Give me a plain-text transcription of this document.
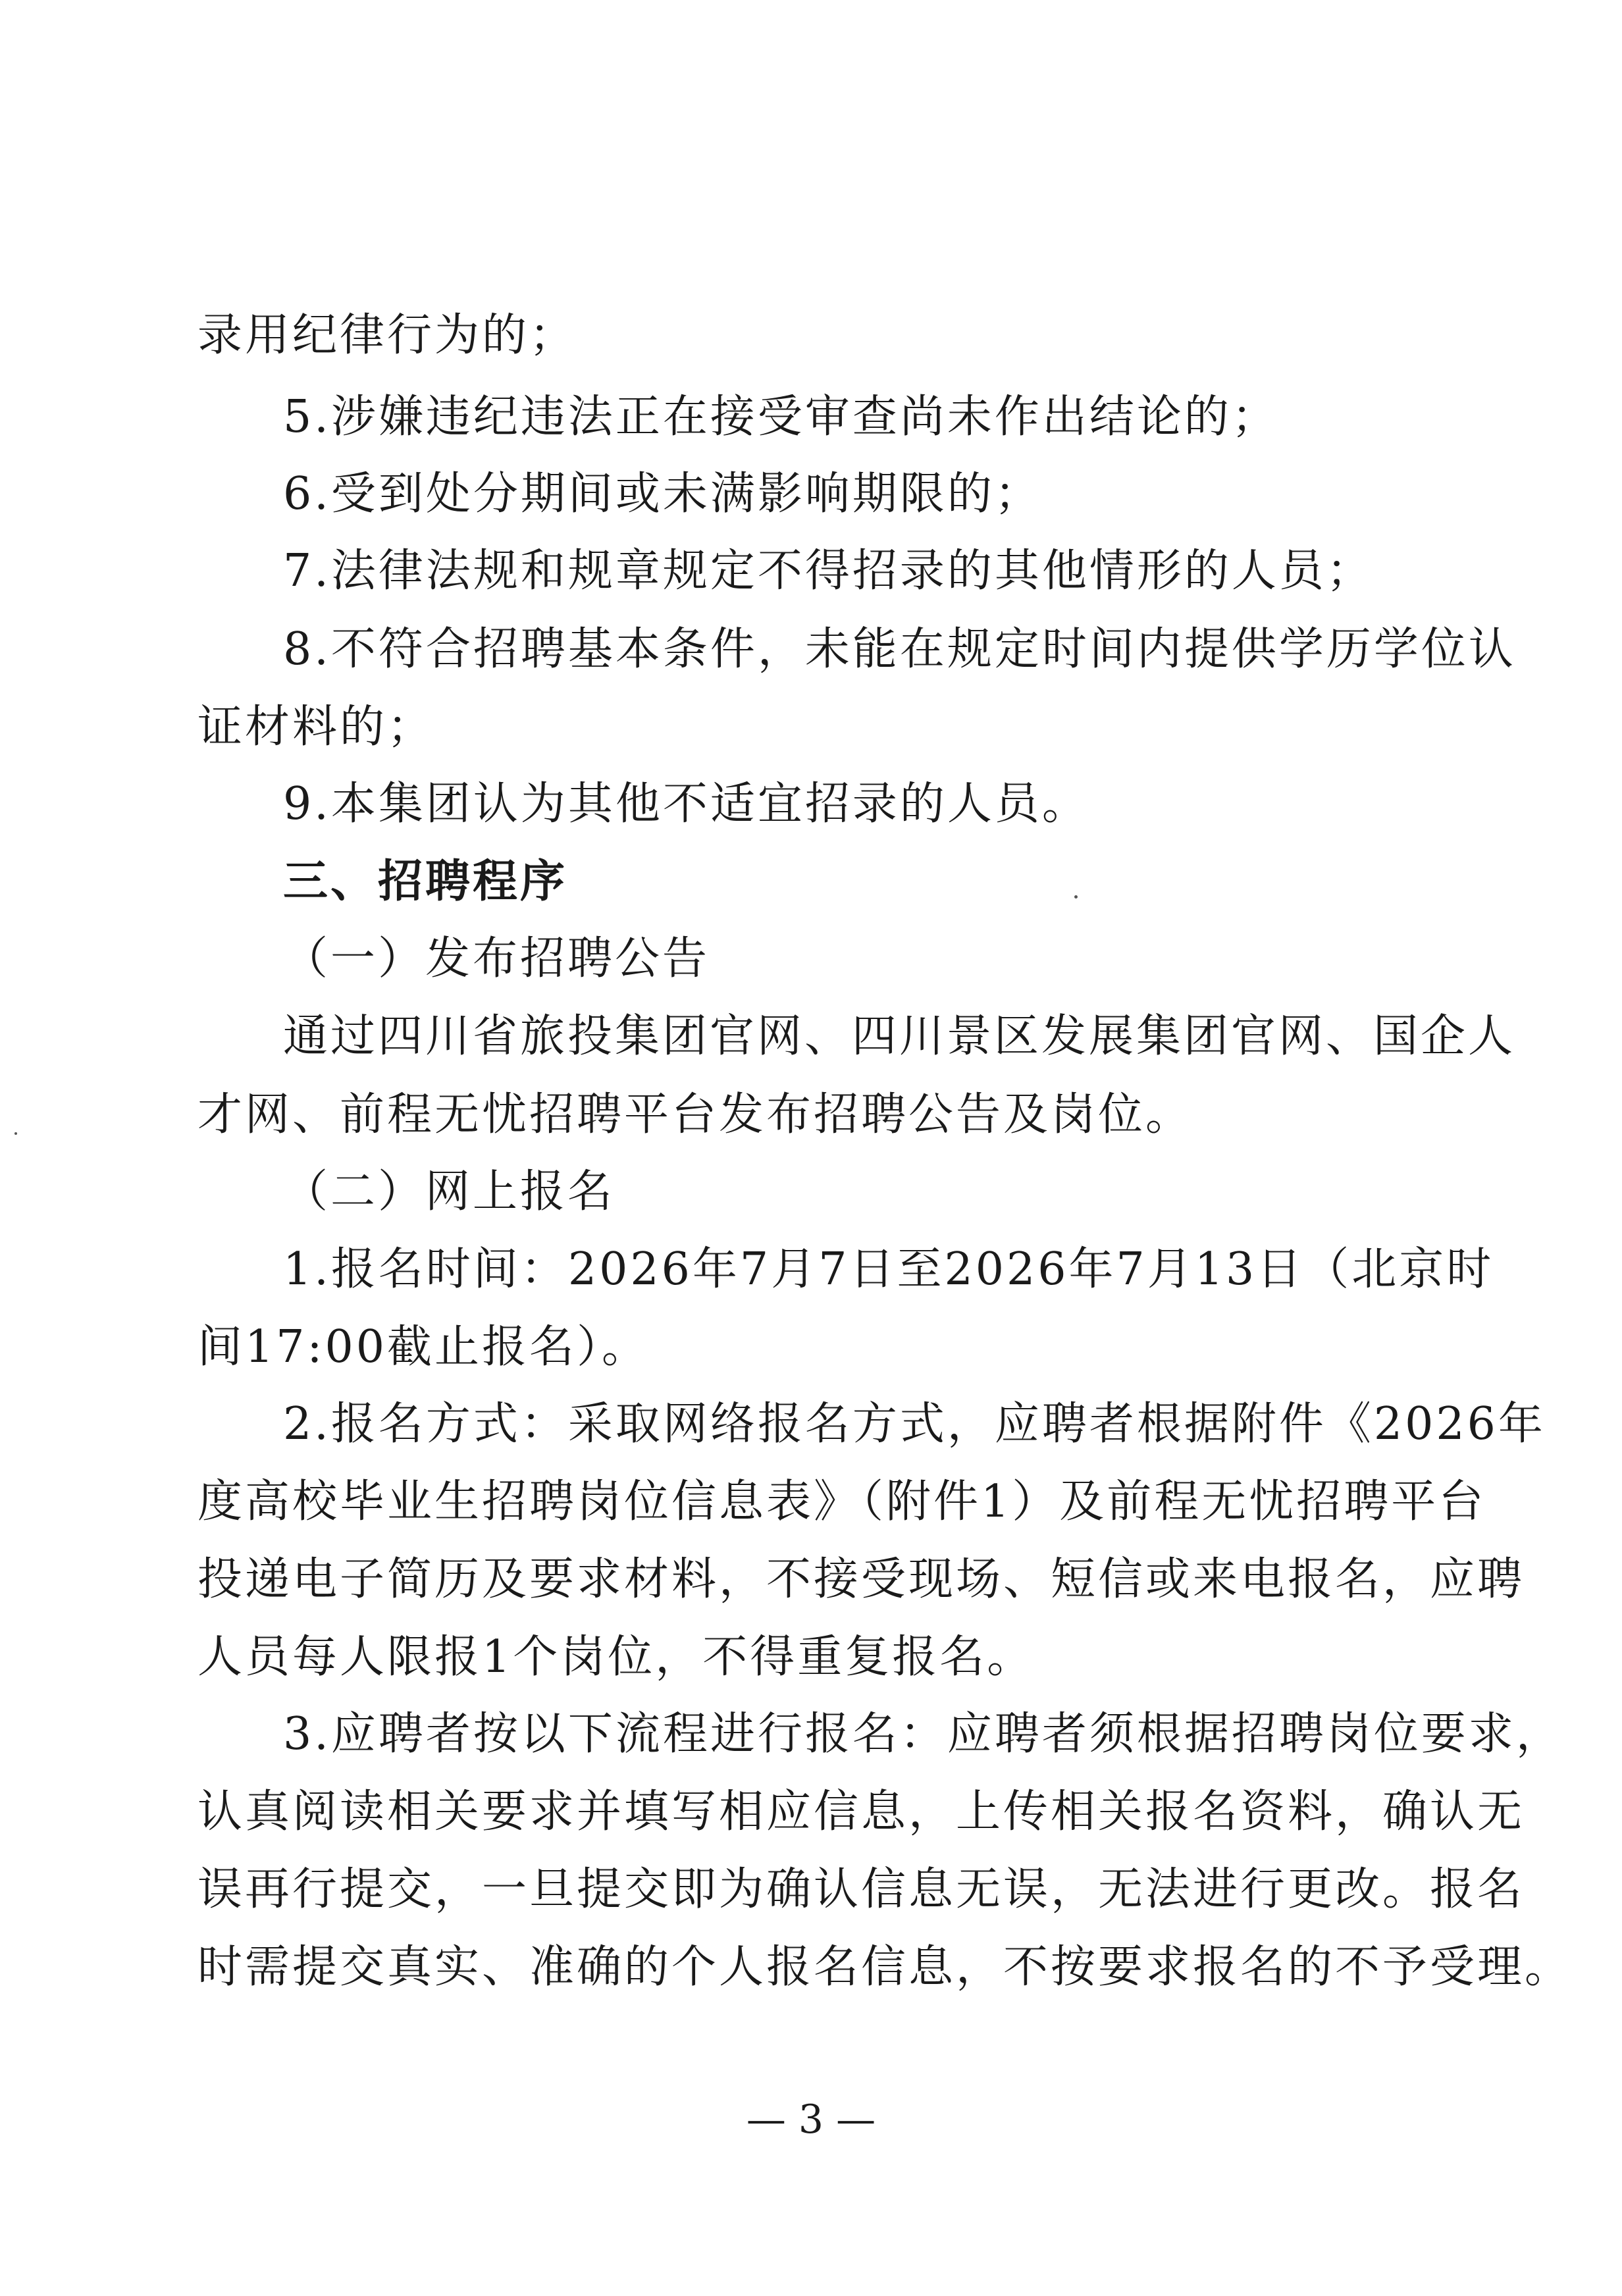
录用纪律行为的；
5.涉嫌违纪违法正在接受审查尚未作出结论的；
6.受到处分期间或未满影响期限的；
7.法律法规和规章规定不得招录的其他情形的人员；
8.不符合招聘基本条件，未能在规定时间内提供学历学位认
证材料的；
9.本集团认为其他不适宜招录的人员。
三、招聘程序
（一）发布招聘公告
通过四川省旅投集团官网、四川景区发展集团官网、国企人
才网、前程无忧招聘平台发布招聘公告及岗位。
（二）网上报名
1.报名时间：2026年7月7日至2026年7月13日（北京时
间17:00截止报名）。
2.报名方式：采取网络报名方式，应聘者根据附件《2026年
度高校毕业生招聘岗位信息表》（附件1）及前程无忧招聘平台
投递电子简历及要求材料，不接受现场、短信或来电报名，应聘
人员每人限报1个岗位，不得重复报名。
3.应聘者按以下流程进行报名：应聘者须根据招聘岗位要求，
认真阅读相关要求并填写相应信息，上传相关报名资料，确认无
误再行提交，一旦提交即为确认信息无误，无法进行更改。报名
时需提交真实、准确的个人报名信息，不按要求报名的不予受理。
— 3 —
